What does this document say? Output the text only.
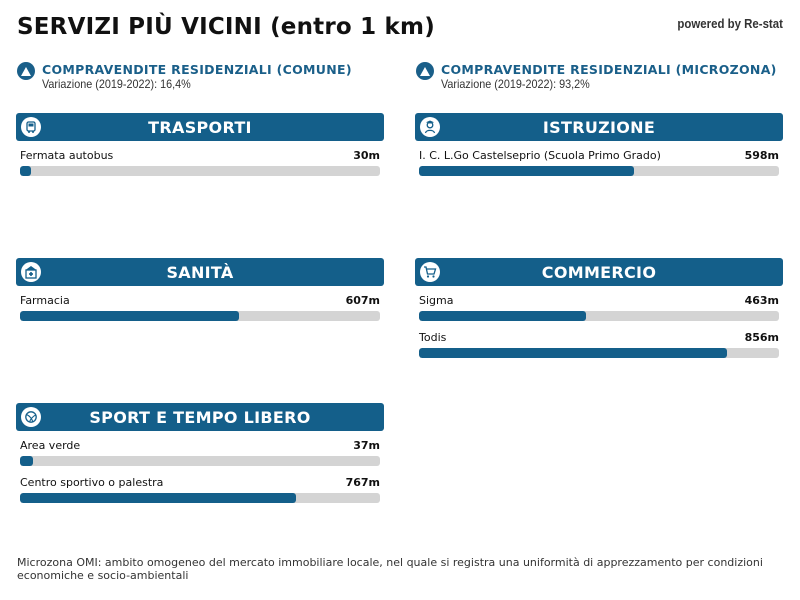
SERVIZI PIÙ VICINI (entro 1 km)	powered by Re-stat
COMPRAVENDITE RESIDENZIALI (COMUNE)
Variazione (2019-2022): 16,4%
COMPRAVENDITE RESIDENZIALI (MICROZONA)
Variazione (2019-2022): 93,2%
TRASPORTI
Fermata autobus	30m
ISTRUZIONE
I. C. L.Go Castelseprio (Scuola Primo Grado)	598m
SANITÀ
Farmacia	607m
COMMERCIO
Sigma	463m
Todis	856m
SPORT E TEMPO LIBERO
Area verde	37m
Centro sportivo o palestra	767m
Microzona OMI: ambito omogeneo del mercato immobiliare locale, nel quale si registra una uniformità di apprezzamento per condizioni economiche e socio-ambientali
